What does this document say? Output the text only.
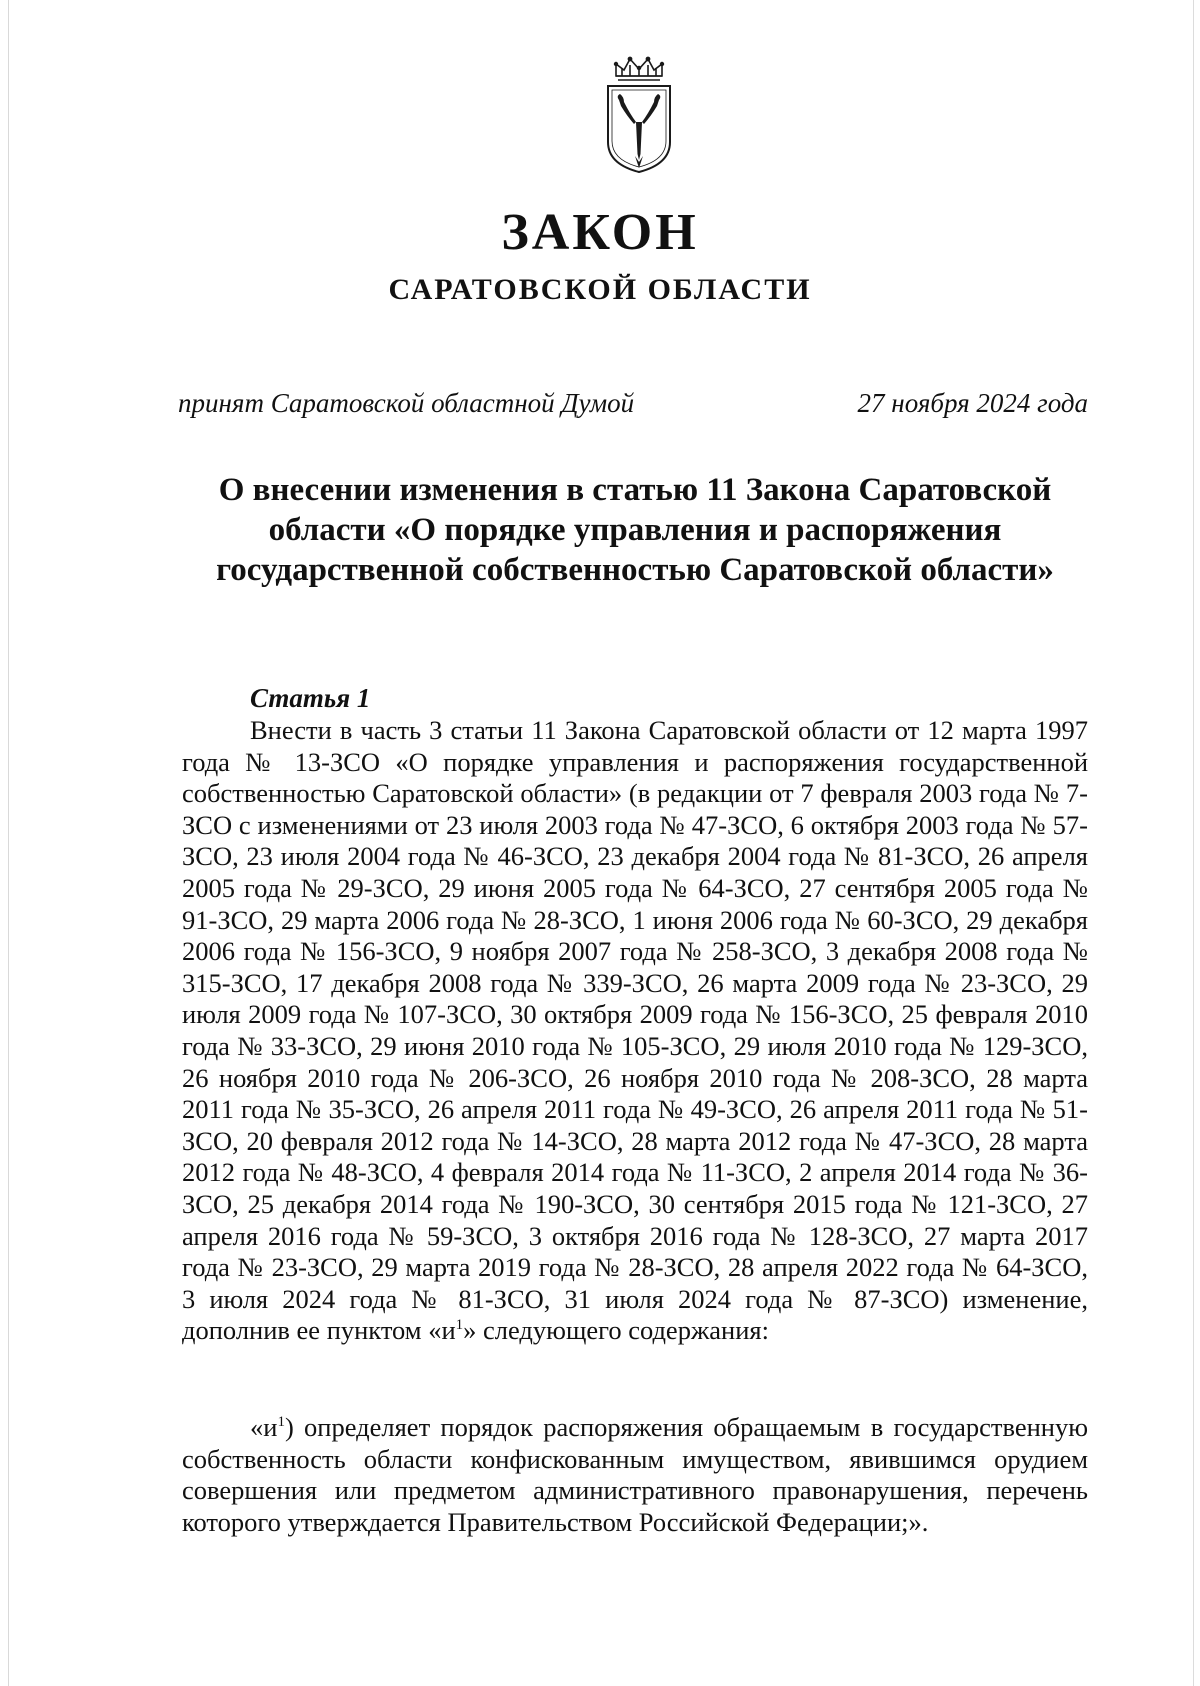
ЗАКОН
САРАТОВСКОЙ ОБЛАСТИ
принят Саратовской областной Думой	27 ноября 2024 года
О внесении изменения в статью 11 Закона Саратовской области «О порядке управления и распоряжения государственной собственностью Саратовской области»
Статья 1

Внести в часть 3 статьи 11 Закона Саратовской области от 12 марта 1997 года № 13-ЗСО «О порядке управления и распоряжения государственной собственностью Саратовской области» (в редакции от 7 февраля 2003 года № 7-ЗСО с изменениями от 23 июля 2003 года № 47-ЗСО, 6 октября 2003 года № 57-ЗСО, 23 июля 2004 года № 46-ЗСО, 23 декабря 2004 года № 81-ЗСО, 26 апреля 2005 года № 29-ЗСО, 29 июня 2005 года № 64-ЗСО, 27 сентября 2005 года № 91-ЗСО, 29 марта 2006 года № 28-ЗСО, 1 июня 2006 года № 60-ЗСО, 29 декабря 2006 года № 156-ЗСО, 9 ноября 2007 года № 258-ЗСО, 3 декабря 2008 года № 315-ЗСО, 17 декабря 2008 года № 339-ЗСО, 26 марта 2009 года № 23-ЗСО, 29 июля 2009 года № 107-ЗСО, 30 октября 2009 года № 156-ЗСО, 25 февраля 2010 года № 33-ЗСО, 29 июня 2010 года № 105-ЗСО, 29 июля 2010 года № 129-ЗСО, 26 ноября 2010 года № 206-ЗСО, 26 ноября 2010 года № 208-ЗСО, 28 марта 2011 года № 35-ЗСО, 26 апреля 2011 года № 49-ЗСО, 26 апреля 2011 года № 51-ЗСО, 20 февраля 2012 года № 14-ЗСО, 28 марта 2012 года № 47-ЗСО, 28 марта 2012 года № 48-ЗСО, 4 февраля 2014 года № 11-ЗСО, 2 апреля 2014 года № 36-ЗСО, 25 декабря 2014 года № 190-ЗСО, 30 сентября 2015 года № 121-ЗСО, 27 апреля 2016 года № 59-ЗСО, 3 октября 2016 года № 128-ЗСО, 27 марта 2017 года № 23-ЗСО, 29 марта 2019 года № 28-ЗСО, 28 апреля 2022 года № 64-ЗСО, 3 июля 2024 года № 81-ЗСО, 31 июля 2024 года № 87-ЗСО) изменение, дополнив ее пунктом «$и^1$» следующего содержания:

«$и^1$) определяет порядок распоряжения обращаемым в государственную собственность области конфискованным имуществом, явившимся орудием совершения или предметом административного правонарушения, перечень которого утверждается Правительством Российской Федерации;».
